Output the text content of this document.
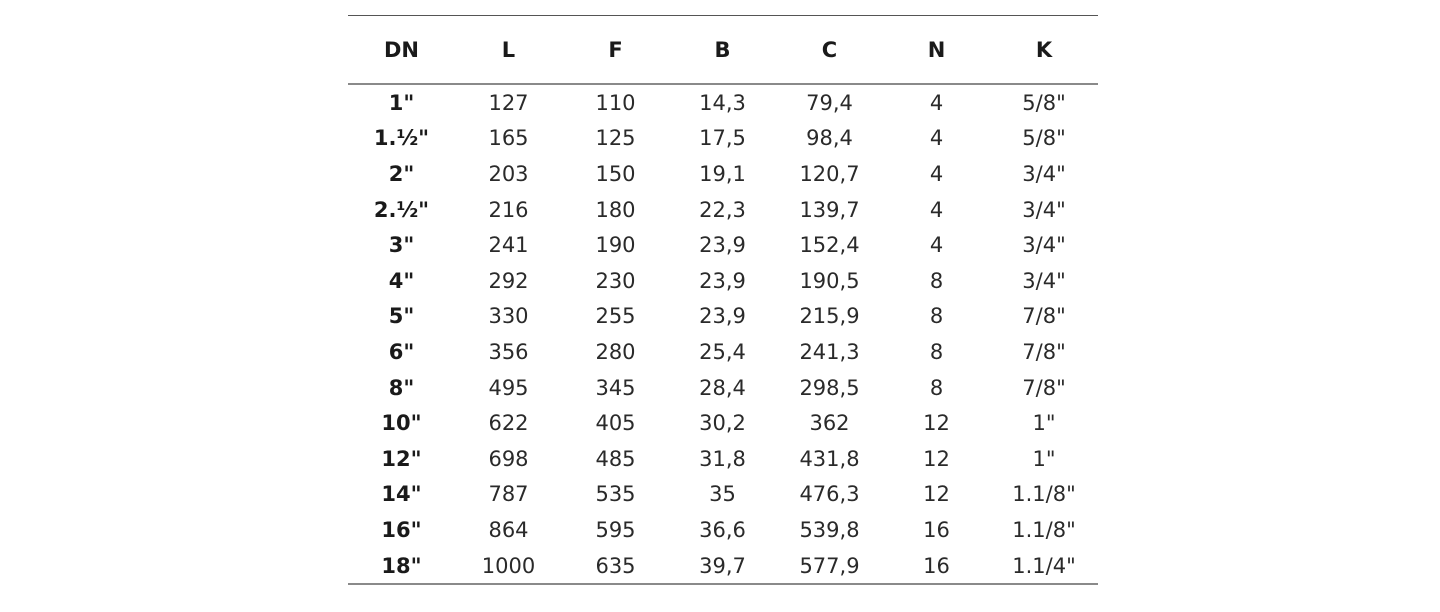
DN	L	F	B	C	N	K
1"	127	110	14,3	79,4	4	5/8"
1.½"	165	125	17,5	98,4	4	5/8"
2"	203	150	19,1	120,7	4	3/4"
2.½"	216	180	22,3	139,7	4	3/4"
3"	241	190	23,9	152,4	4	3/4"
4"	292	230	23,9	190,5	8	3/4"
5"	330	255	23,9	215,9	8	7/8"
6"	356	280	25,4	241,3	8	7/8"
8"	495	345	28,4	298,5	8	7/8"
10"	622	405	30,2	362	12	1"
12"	698	485	31,8	431,8	12	1"
14"	787	535	35	476,3	12	1.1/8"
16"	864	595	36,6	539,8	16	1.1/8"
18"	1000	635	39,7	577,9	16	1.1/4"
